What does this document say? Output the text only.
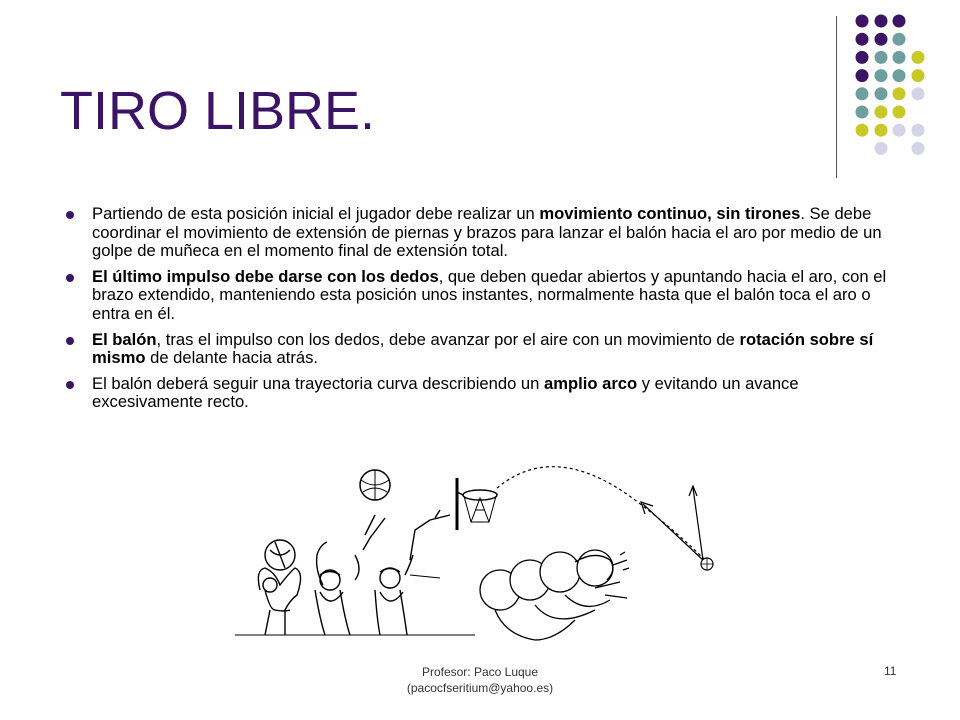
TIRO LIBRE.
Partiendo de esta posición inicial el jugador debe realizar un movimiento continuo, sin tirones. Se debe coordinar el movimiento de extensión de piernas y brazos para lanzar el balón hacia el aro por medio de un golpe de muñeca en el momento final de extensión total.
El último impulso debe darse con los dedos, que deben quedar abiertos y apuntando hacia el aro, con el brazo extendido, manteniendo esta posición unos instantes, normalmente hasta que el balón toca el aro o entra en él.
El balón, tras el impulso con los dedos, debe avanzar por el aire con un movimiento de rotación sobre sí mismo de delante hacia atrás.
El balón deberá seguir una trayectoria curva describiendo un amplio arco y evitando un avance excesivamente recto.
Profesor: Paco Luque
(pacocfseritium@yahoo.es)
11
